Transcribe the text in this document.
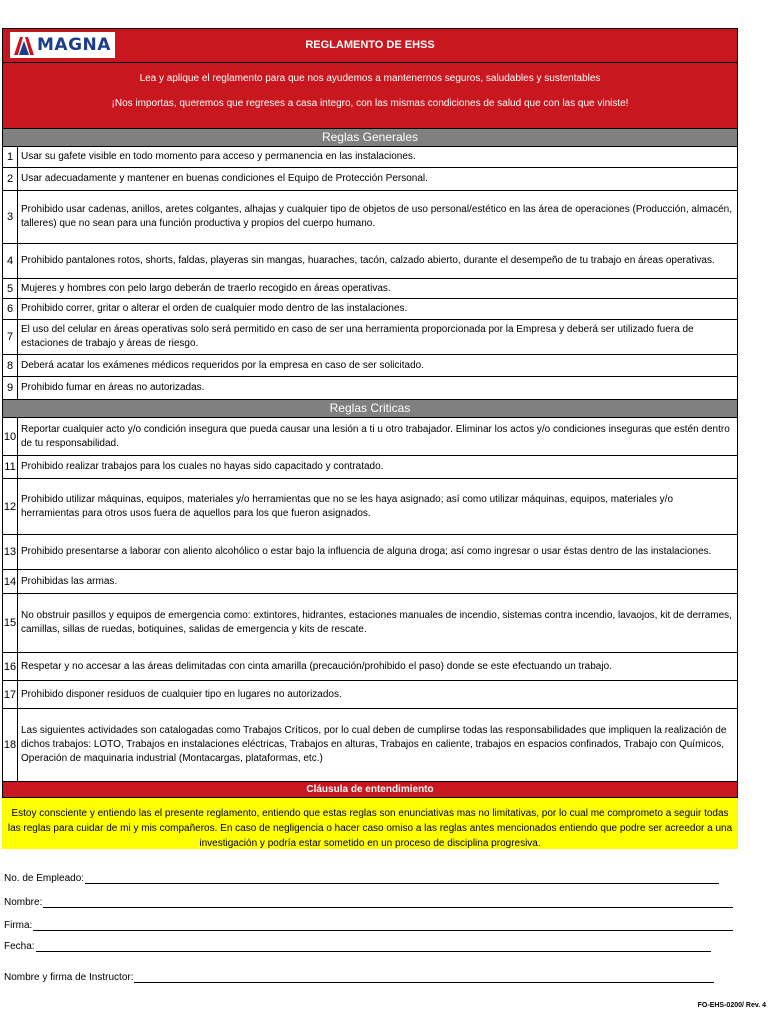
MAGNA	REGLAMENTO DE EHSS

Lea y aplique el reglamento para que nos ayudemos a mantenernos seguros, saludables y sustentables

¡Nos importas, queremos que regreses a casa integro, con las mismas condiciones de salud que con las que viniste!

Reglas Generales
1 Usar su gafete visible en todo momento para acceso y permanencia en las instalaciones.
2 Usar adecuadamente y mantener en buenas condiciones el Equipo de Protección Personal.
3
Prohibido usar cadenas, anillos, aretes colgantes, alhajas y cualquier tipo de objetos de uso personal/estético en las área de operaciones (Producción, almacén, talleres) que no sean para una función productiva y propios del cuerpo humano.
4 Prohibido pantalones rotos, shorts, faldas, playeras sin mangas, huaraches, tacón, calzado abierto, durante el desempeño de tu trabajo en áreas operativas.
5 Mujeres y hombres con pelo largo deberán de traerlo recogido en áreas operativas.
6 Prohibido correr, gritar o alterar el orden de cualquier modo dentro de las instalaciones.
7
El uso del celular en áreas operativas solo será permitido en caso de ser una herramienta proporcionada por la Empresa y deberá ser utilizado fuera de estaciones de trabajo y áreas de riesgo.
8 Deberá acatar los exámenes médicos requeridos por la empresa en caso de ser solicitado.
9 Prohibido fumar en áreas no autorizadas.
Reglas Criticas
10
Reportar cualquier acto y/o condición insegura que pueda causar una lesión a ti u otro trabajador. Eliminar los actos y/o condiciones inseguras que estén dentro de tu responsabilidad.
11 Prohibido realizar trabajos para los cuales no hayas sido capacitado y contratado.
12
Prohibido utilizar máquinas, equipos, materiales y/o herramientas que no se les haya asignado; así como utilizar máquinas, equipos, materiales y/o herramientas para otros usos fuera de aquellos para los que fueron asignados.
13 Prohibido presentarse a laborar con aliento alcohólico o estar bajo la influencia de alguna droga; así como ingresar o usar éstas dentro de las instalaciones.
14 Prohibidas las armas.
15
No obstruir pasillos y equipos de emergencia como: extintores, hidrantes, estaciones manuales de incendio, sistemas contra incendio, lavaojos, kit de derrames, camillas, sillas de ruedas, botiquines, salidas de emergencia y kits de rescate.
16 Respetar y no accesar a las áreas delimitadas con cinta amarilla (precaución/prohibido el paso) donde se este efectuando un trabajo.
17 Prohibido disponer residuos de cualquier tipo en lugares no autorizados.
18
Las siguientes actividades son catalogadas como Trabajos Críticos, por lo cual deben de cumplirse todas las responsabilidades que impliquen la realización de dichos trabajos: LOTO, Trabajos en instalaciones eléctricas, Trabajos en alturas, Trabajos en caliente, trabajos en espacios confinados, Trabajo con Químicos, Operación de maquinaria industrial (Montacargas, plataformas, etc.)
Cláusula de entendimiento
Estoy consciente y entiendo las el presente reglamento, entiendo que estas reglas son enunciativas mas no limitativas, por lo cual me comprometo a seguir todas las reglas para cuidar de mi y mis compañeros. En caso de negligencia o hacer caso omiso a las reglas antes mencionados entiendo que podre ser acreedor a una investigación y podría estar sometido en un proceso de disciplina progresiva.
No. de Empleado:
Nombre:
Firma:
Fecha:
Nombre y firma de Instructor:
FO-EHS-0200/ Rev. 4
